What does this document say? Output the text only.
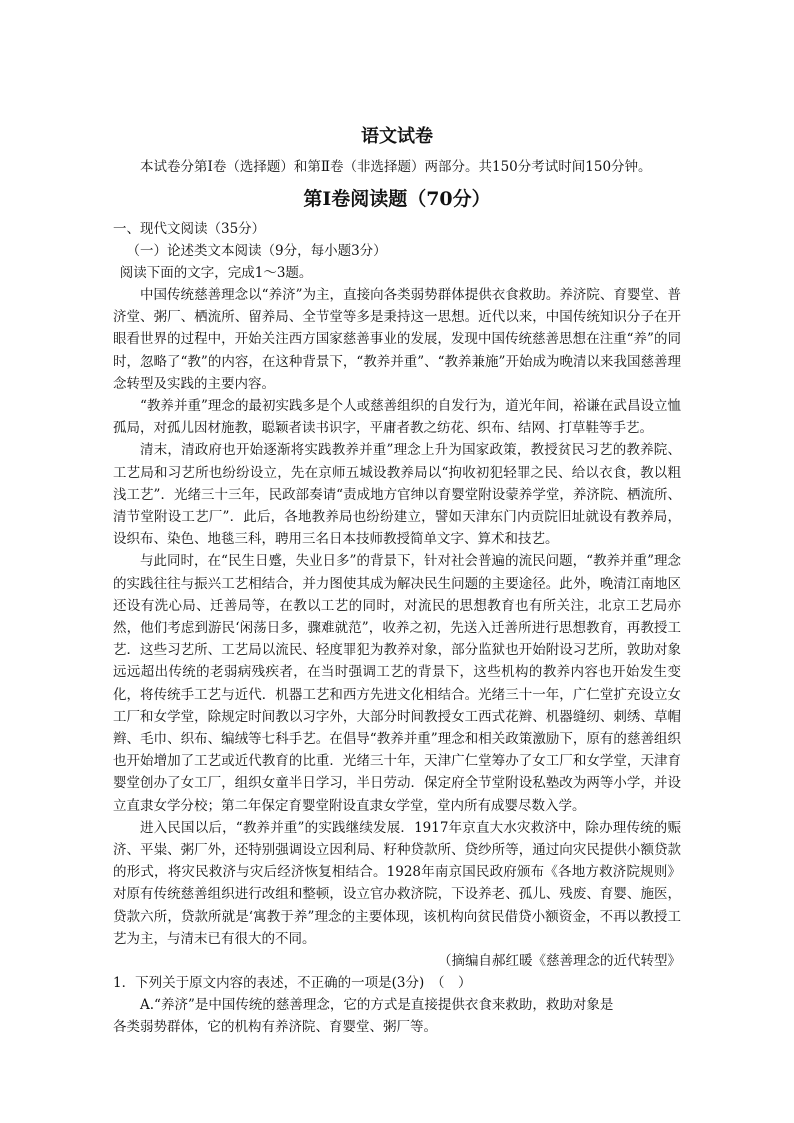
语文试卷

本试卷分第Ⅰ卷（选择题）和第Ⅱ卷（非选择题）两部分。共150分考试时间150分钟。

第Ⅰ卷阅读题（70分）

一、现代文阅读（35分）

（一）论述类文本阅读（9分，每小题3分）

阅读下面的文字，完成1～3题。

中国传统慈善理念以“养济”为主，直接向各类弱势群体提供衣食救助。养济院、育婴堂、普济堂、粥厂、栖流所、留养局、全节堂等多是秉持这一思想。近代以来，中国传统知识分子在开眼看世界的过程中，开始关注西方国家慈善事业的发展，发现中国传统慈善思想在注重“养”的同时，忽略了“教”的内容，在这种背景下，“教养并重”、“教养兼施”开始成为晚清以来我国慈善理念转型及实践的主要内容。

“教养并重”理念的最初实践多是个人或慈善组织的自发行为，道光年间，裕谦在武昌设立恤孤局，对孤儿因材施教，聪颖者读书识字，平庸者教之纺花、织布、结网、打草鞋等手艺。

清末，清政府也开始逐渐将实践教养并重”理念上升为国家政策，教授贫民习艺的教养院、工艺局和习艺所也纷纷设立，先在京师五城设教养局以“拘收初犯轻罪之民、给以衣食，教以粗浅工艺”．光绪三十三年，民政部奏请“责成地方官绅以育婴堂附设蒙养学堂，养济院、栖流所、清节堂附设工艺厂”．此后，各地教养局也纷纷建立，譬如天津东门内贡院旧址就设有教养局，设织布、染色、地毯三科，聘用三名日本技师教授简单文字、算术和技艺。

与此同时，在“民生日蹙，失业日多”的背景下，针对社会普遍的流民问题，“教养并重”理念的实践往往与振兴工艺相结合，并力图使其成为解决民生问题的主要途径。此外，晚清江南地区还设有洗心局、迁善局等，在教以工艺的同时，对流民的思想教育也有所关注，北京工艺局亦然，他们考虑到游民‘闲荡日多，骤难就范”，收养之初，先送入迁善所进行思想教育，再教授工艺．这些习艺所、工艺局以流民、轻度罪犯为教养对象，部分监狱也开始附设习艺所，敦助对象远远超出传统的老弱病残疾者，在当时强调工艺的背景下，这些机构的教养内容也开始发生变化，将传统手工艺与近代．机器工艺和西方先进文化相结合。光绪三十一年，广仁堂扩充设立女工厂和女学堂，除规定时间教以习字外，大部分时间教授女工西式花辫、机器缝纫、刺绣、草帽辫、毛巾、织布、编绒等七科手艺。在倡导“教养并重”理念和相关政策激励下，原有的慈善组织也开始增加了工艺或近代教育的比重．光绪三十年，天津广仁堂筹办了女工厂和女学堂，天津育婴堂创办了女工厂，组织女童半日学习，半日劳动．保定府全节堂附设私塾改为两等小学，并设立直隶女学分校；第二年保定育婴堂附设直隶女学堂，堂内所有成婴尽数入学。

进入民国以后，“教养并重”的实践继续发展．1917年京直大水灾救济中，除办理传统的赈济、平粜、粥厂外，还特别强调设立因利局、籽种贷款所、贷纱所等，通过向灾民提供小额贷款的形式，将灾民救济与灾后经济恢复相结合。1928年南京国民政府颁布《各地方救济院规则》对原有传统慈善组织进行改组和整顿，设立官办救济院，下设养老、孤儿、残废、育婴、施医，贷款六所，贷款所就是‘寓教于养”理念的主要体现，该机构向贫民借贷小额资金，不再以教授工艺为主，与清末已有很大的不同。

（摘编自郝红暖《慈善理念的近代转型》

1．下列关于原文内容的表述，不正确的一项是(3分)　（　）

A.“养济”是中国传统的慈善理念，它的方式是直接提供衣食来救助，救助对象是

各类弱势群体，它的机构有养济院、育婴堂、粥厂等。
